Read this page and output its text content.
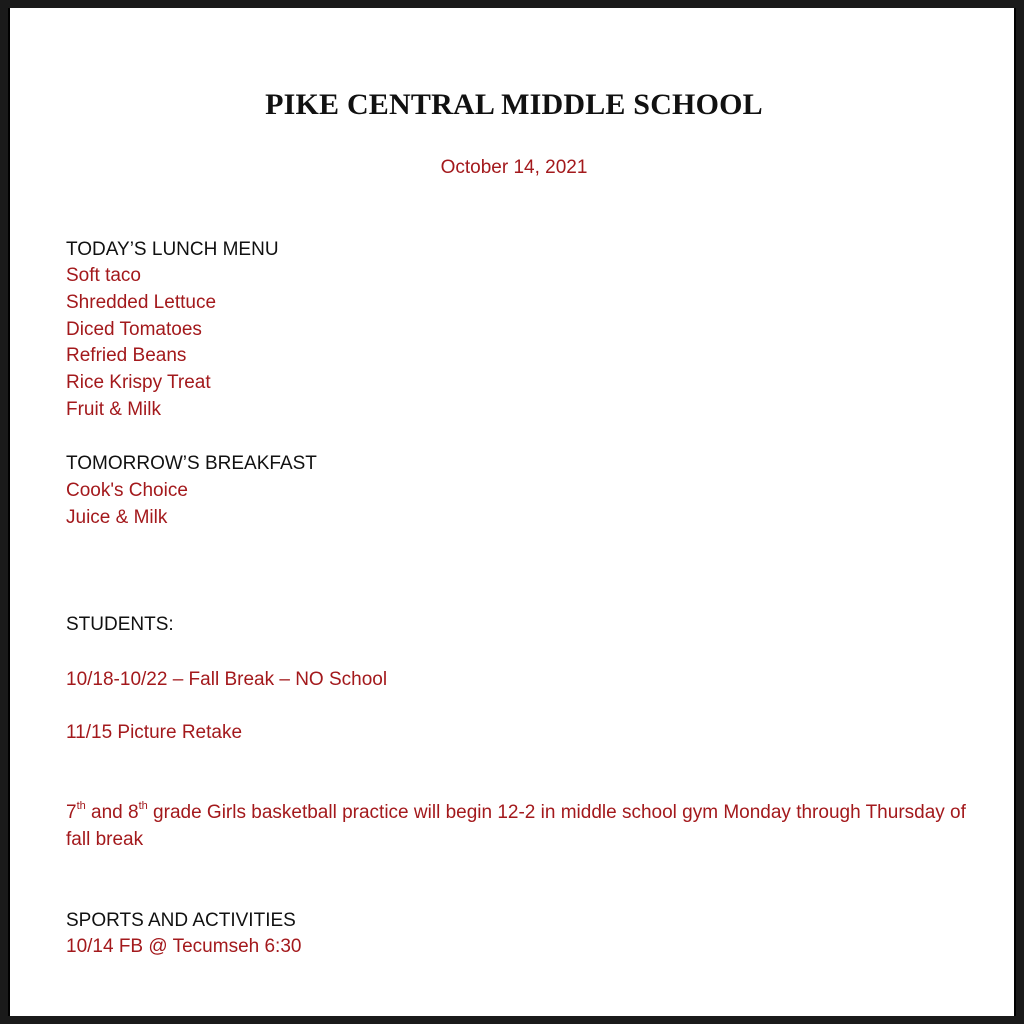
PIKE CENTRAL MIDDLE SCHOOL
October 14, 2021
TODAY’S LUNCH MENU
Soft taco
Shredded Lettuce
Diced Tomatoes
Refried Beans
Rice Krispy Treat
Fruit & Milk
TOMORROW’S BREAKFAST
Cook's Choice
Juice & Milk
STUDENTS:
10/18-10/22 – Fall Break – NO School
11/15 Picture Retake
7th and 8th grade Girls basketball practice will begin 12-2 in middle school gym Monday through Thursday of fall break
SPORTS AND ACTIVITIES
10/14 FB @ Tecumseh 6:30
